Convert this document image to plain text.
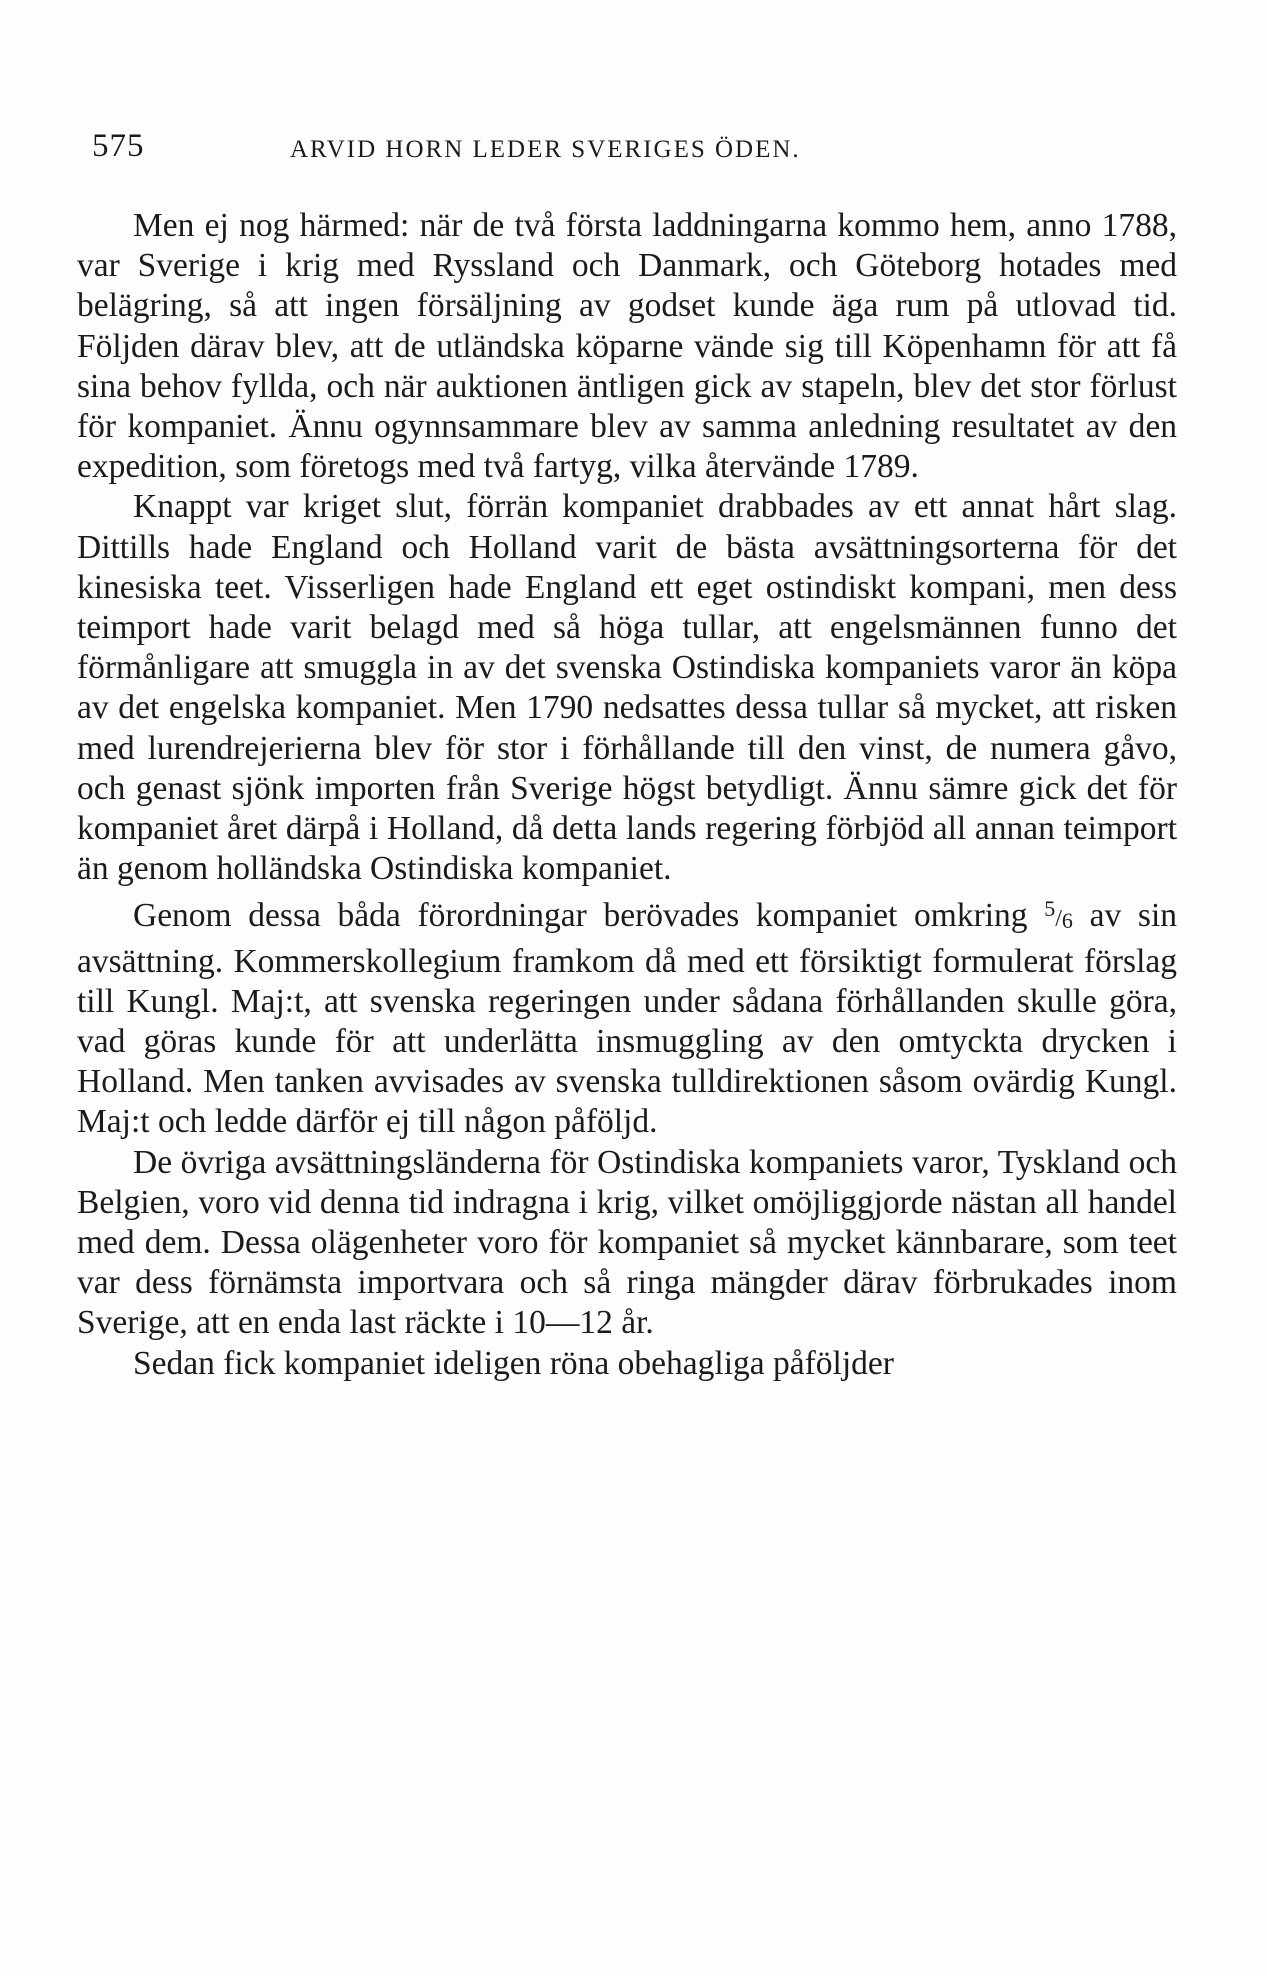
575	ARVID HORN LEDER SVERIGES ÖDEN.

Men ej nog härmed: när de två första laddningarna kommo hem, anno 1788, var Sverige i krig med Ryssland och Danmark, och Göteborg hotades med belägring, så att ingen försäljning av godset kunde äga rum på utlovad tid. Följden därav blev, att de utländska köparne vände sig till Köpenhamn för att få sina behov fyllda, och när auktionen äntligen gick av stapeln, blev det stor förlust för kompaniet. Ännu ogynnsammare blev av samma anledning resultatet av den expedition, som företogs med två fartyg, vilka återvände 1789.

Knappt var kriget slut, förrän kompaniet drabbades av ett annat hårt slag. Dittills hade England och Holland varit de bästa avsättningsorterna för det kinesiska teet. Visserligen hade England ett eget ostindiskt kompani, men dess teimport hade varit belagd med så höga tullar, att engelsmännen funno det förmånligare att smuggla in av det svenska Ostindiska kompaniets varor än köpa av det engelska kompaniet. Men 1790 nedsattes dessa tullar så mycket, att risken med lurendrejerierna blev för stor i förhållande till den vinst, de numera gåvo, och genast sjönk importen från Sverige högst betydligt. Ännu sämre gick det för kompaniet året därpå i Holland, då detta lands regering förbjöd all annan teimport än genom holländska Ostindiska kompaniet.

Genom dessa båda förordningar berövades kompaniet omkring $^5/_6$ av sin avsättning. Kommerskollegium framkom då med ett försiktigt formulerat förslag till Kungl. Maj:t, att svenska regeringen under sådana förhållanden skulle göra, vad göras kunde för att underlätta insmuggling av den omtyckta drycken i Holland. Men tanken avvisades av svenska tulldirektionen såsom ovärdig Kungl. Maj:t och ledde därför ej till någon påföljd.

De övriga avsättningsländerna för Ostindiska kompaniets varor, Tyskland och Belgien, voro vid denna tid indragna i krig, vilket omöjliggjorde nästan all handel med dem. Dessa olägenheter voro för kompaniet så mycket kännbarare, som teet var dess förnämsta importvara och så ringa mängder därav förbrukades inom Sverige, att en enda last räckte i 10—12 år.

Sedan fick kompaniet ideligen röna obehagliga påföljder
